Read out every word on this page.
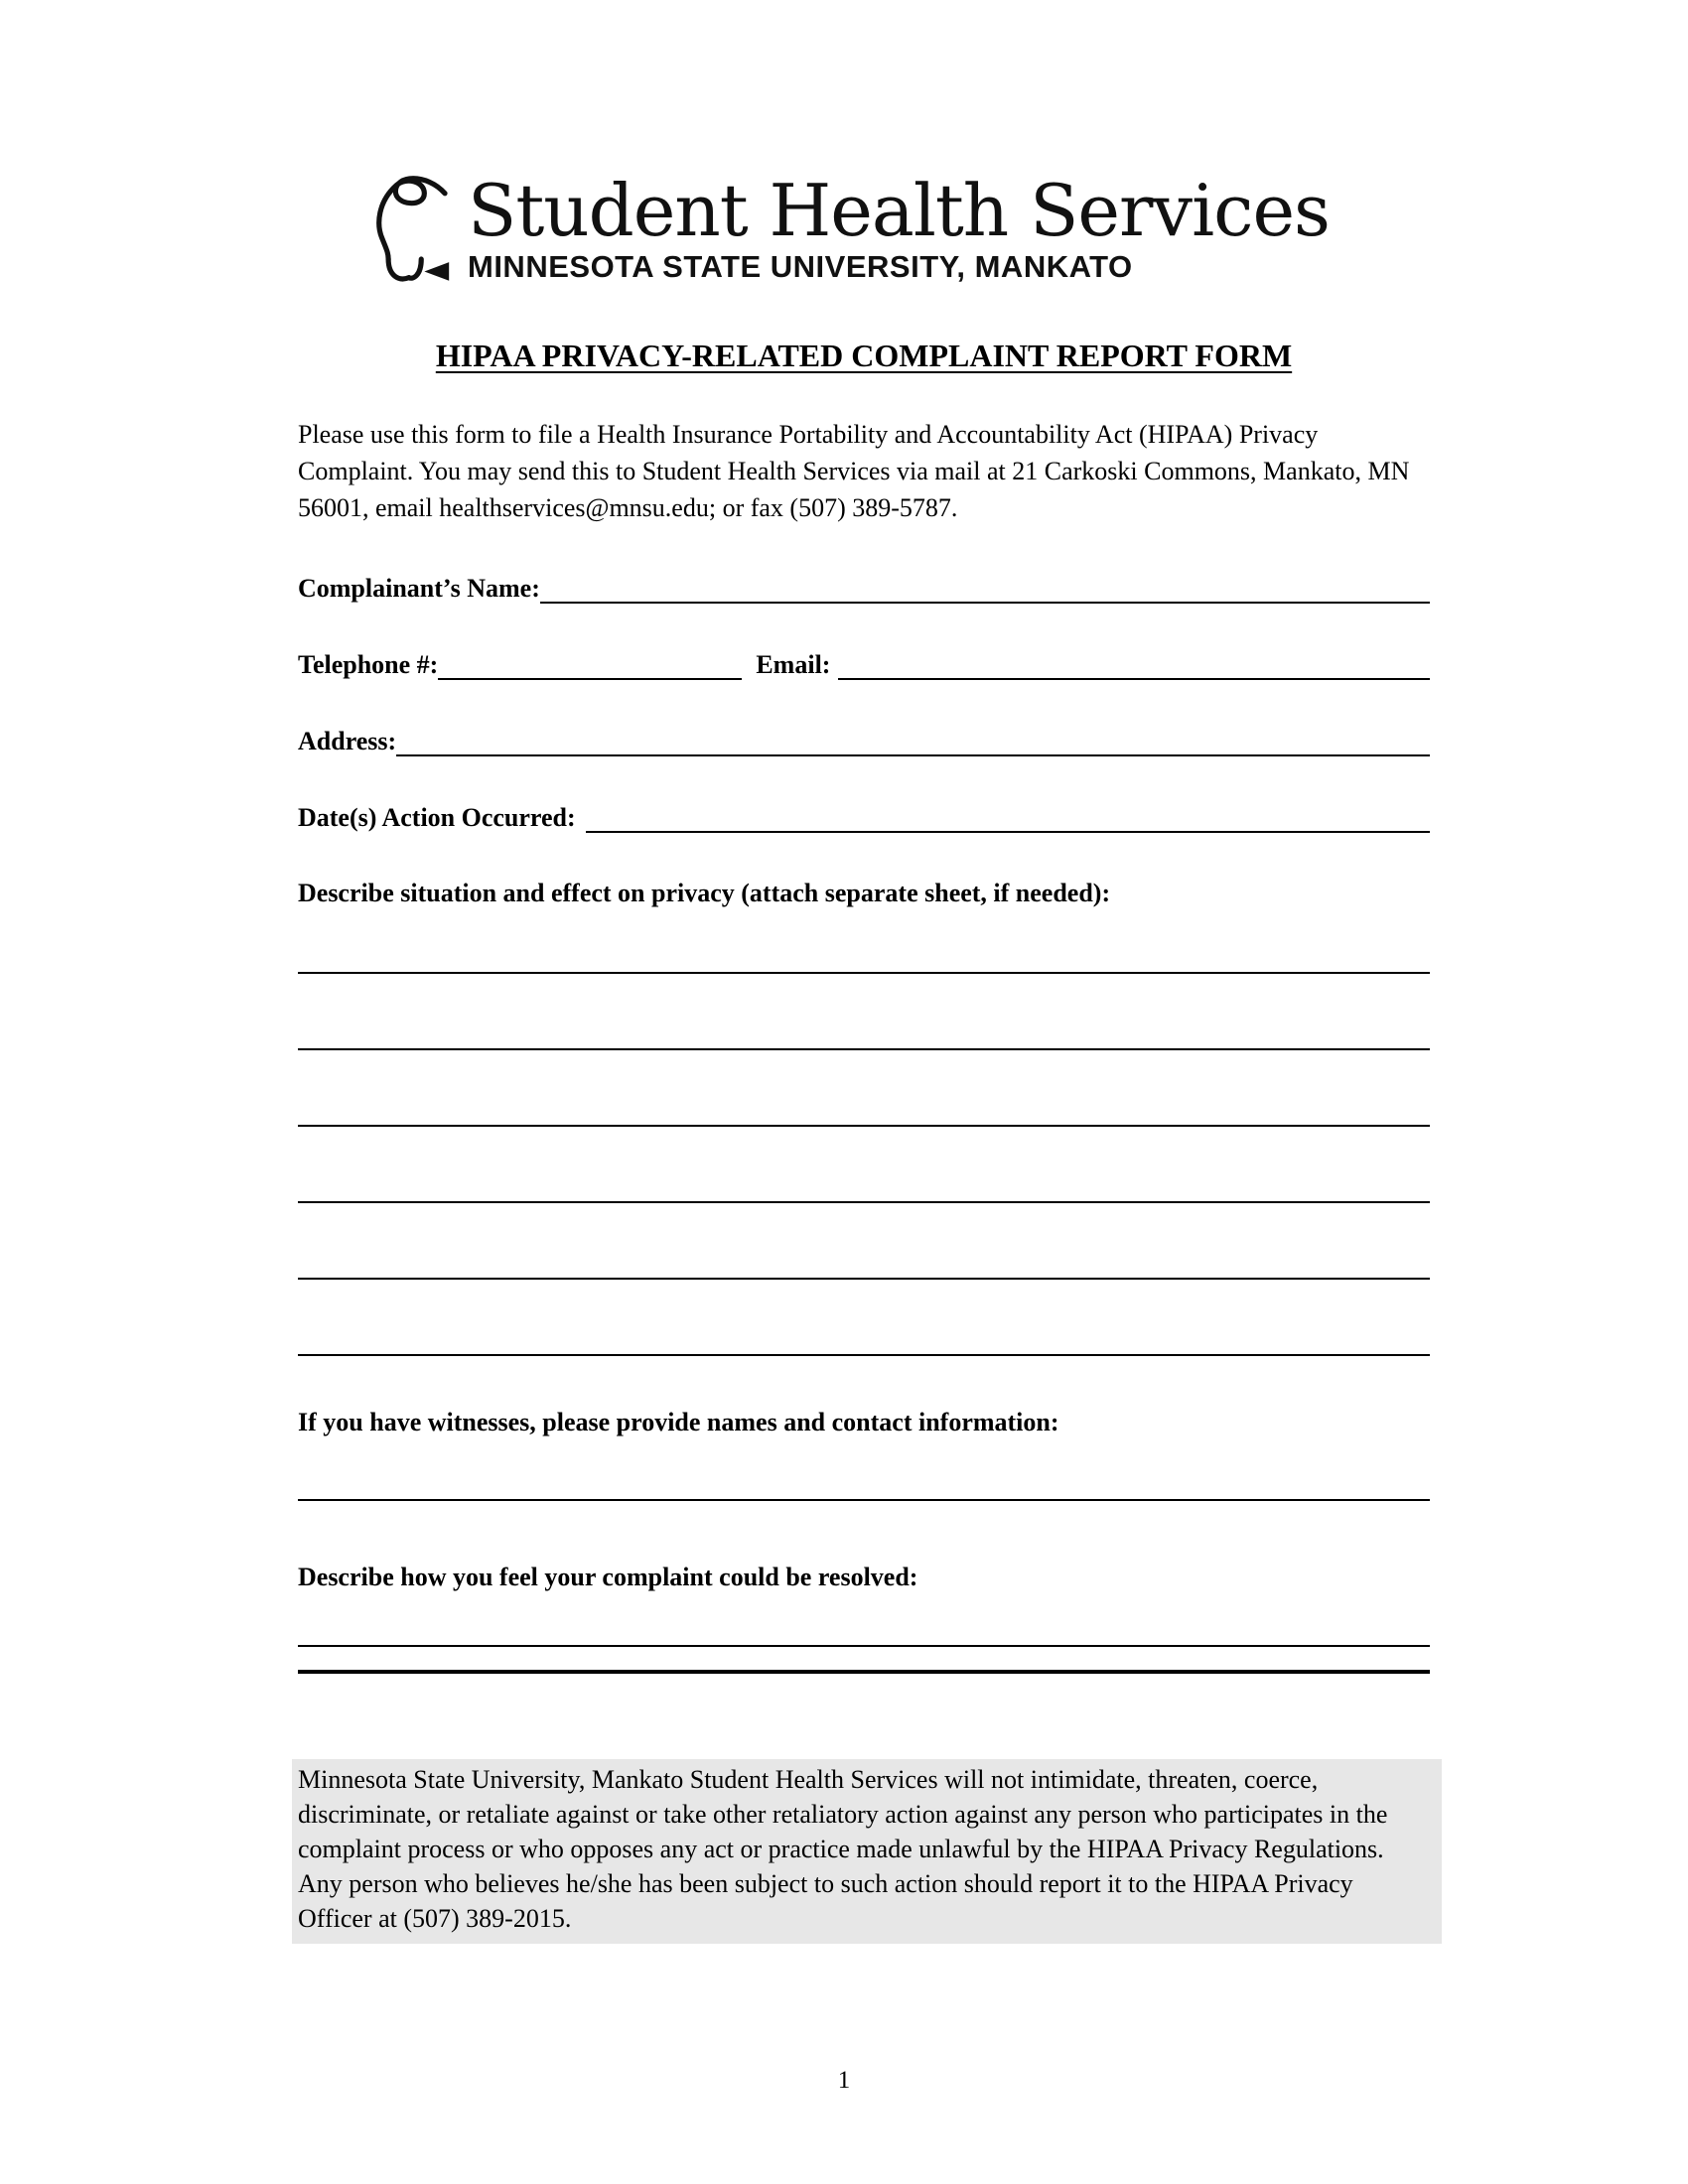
Student Health Services
MINNESOTA STATE UNIVERSITY, MANKATO
HIPAA PRIVACY-RELATED COMPLAINT REPORT FORM
Please use this form to file a Health Insurance Portability and Accountability Act (HIPAA) Privacy Complaint. You may send this to Student Health Services via mail at 21 Carkoski Commons, Mankato, MN 56001, email healthservices@mnsu.edu; or fax (507) 389-5787.
Complainant’s Name:
Telephone #:	Email:
Address:
Date(s) Action Occurred:
Describe situation and effect on privacy (attach separate sheet, if needed):
If you have witnesses, please provide names and contact information:
Describe how you feel your complaint could be resolved:
Minnesota State University, Mankato Student Health Services will not intimidate, threaten, coerce, discriminate, or retaliate against or take other retaliatory action against any person who participates in the complaint process or who opposes any act or practice made unlawful by the HIPAA Privacy Regulations. Any person who believes he/she has been subject to such action should report it to the HIPAA Privacy Officer at (507) 389-2015.
1
